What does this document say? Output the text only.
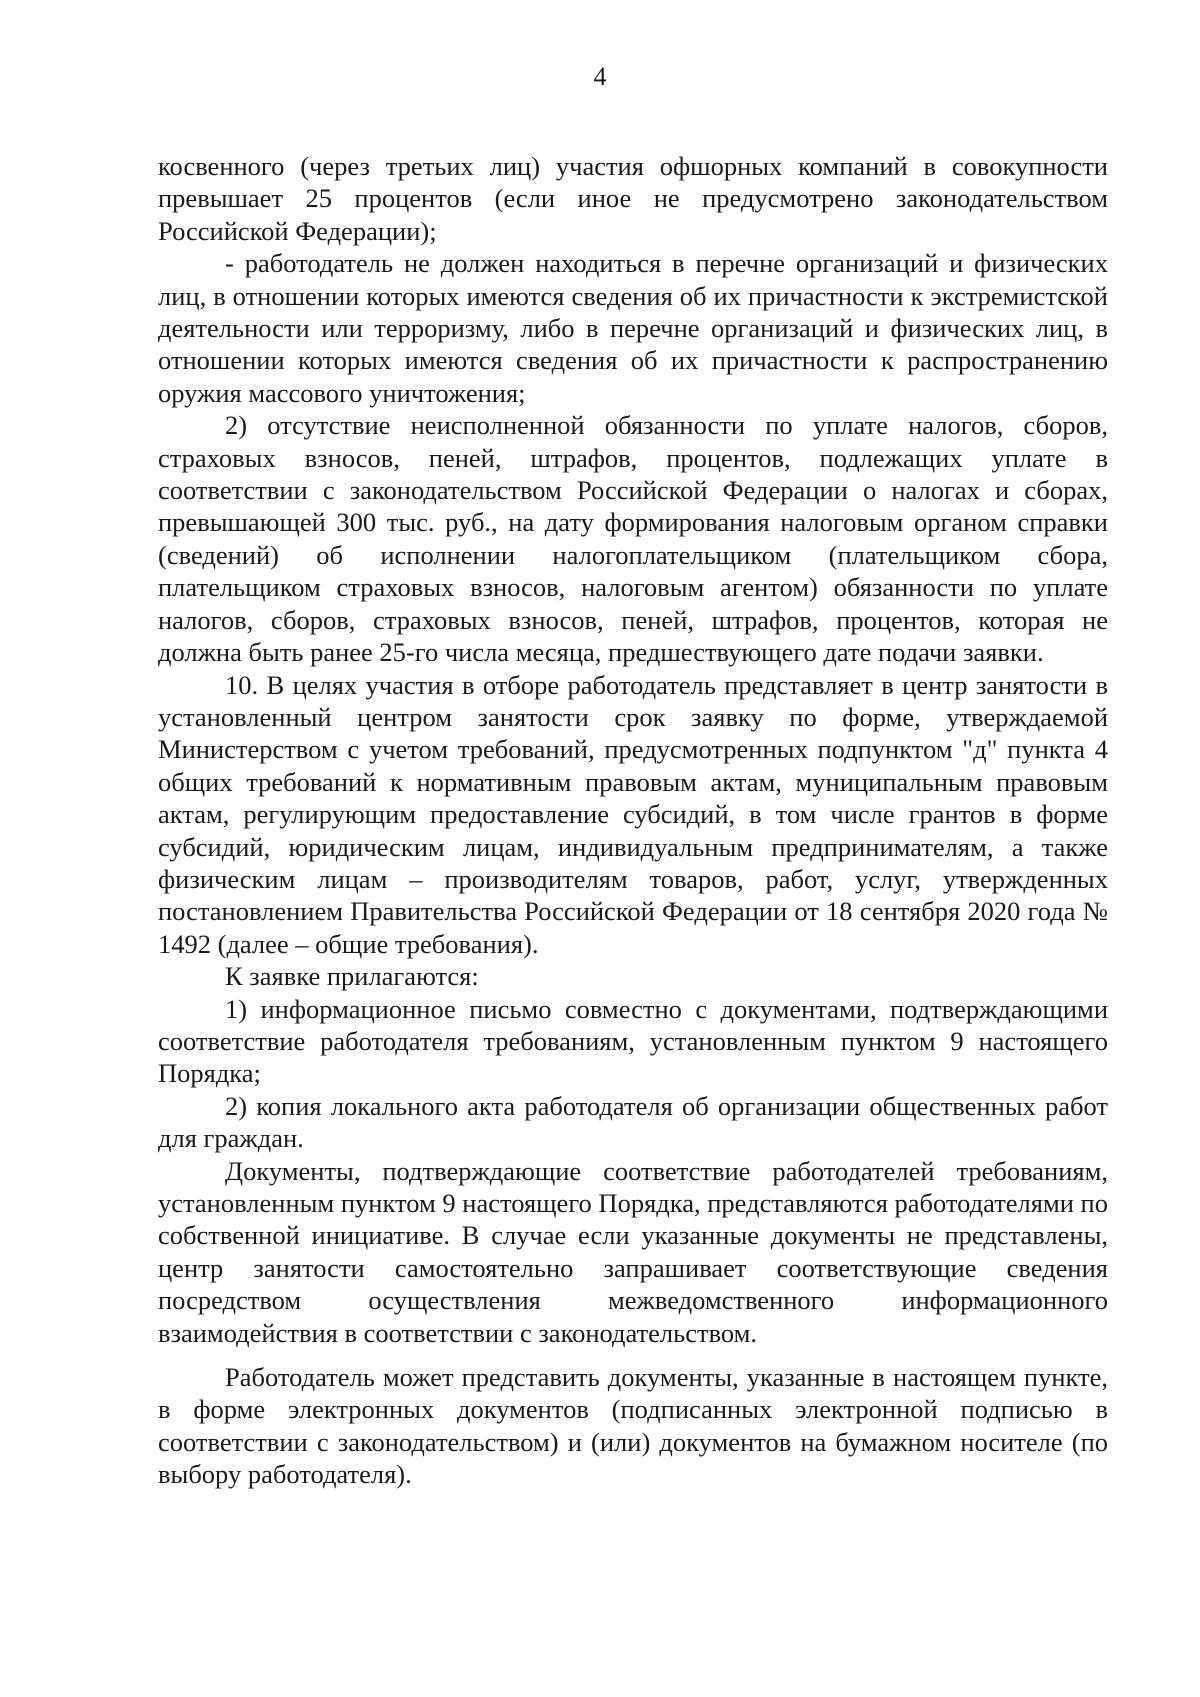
4

косвенного (через третьих лиц) участия офшорных компаний в совокупности превышает 25 процентов (если иное не предусмотрено законодательством Российской Федерации);

- работодатель не должен находиться в перечне организаций и физических лиц, в отношении которых имеются сведения об их причастности к экстремистской деятельности или терроризму, либо в перечне организаций и физических лиц, в отношении которых имеются сведения об их причастности к распространению оружия массового уничтожения;

2) отсутствие неисполненной обязанности по уплате налогов, сборов, страховых взносов, пеней, штрафов, процентов, подлежащих уплате в соответствии с законодательством Российской Федерации о налогах и сборах, превышающей 300 тыс. руб., на дату формирования налоговым органом справки (сведений) об исполнении налогоплательщиком (плательщиком сбора, плательщиком страховых взносов, налоговым агентом) обязанности по уплате налогов, сборов, страховых взносов, пеней, штрафов, процентов, которая не должна быть ранее 25-го числа месяца, предшествующего дате подачи заявки.

10. В целях участия в отборе работодатель представляет в центр занятости в установленный центром занятости срок заявку по форме, утверждаемой Министерством с учетом требований, предусмотренных подпунктом "д" пункта 4 общих требований к нормативным правовым актам, муниципальным правовым актам, регулирующим предоставление субсидий, в том числе грантов в форме субсидий, юридическим лицам, индивидуальным предпринимателям, а также физическим лицам – производителям товаров, работ, услуг, утвержденных постановлением Правительства Российской Федерации от 18 сентября 2020 года № 1492 (далее – общие требования).

К заявке прилагаются:

1) информационное письмо совместно с документами, подтверждающими соответствие работодателя требованиям, установленным пунктом 9 настоящего Порядка;

2) копия локального акта работодателя об организации общественных работ для граждан.

Документы, подтверждающие соответствие работодателей требованиям, установленным пунктом 9 настоящего Порядка, представляются работодателями по собственной инициативе. В случае если указанные документы не представлены, центр занятости самостоятельно запрашивает соответствующие сведения посредством осуществления межведомственного информационного взаимодействия в соответствии с законодательством.

Работодатель может представить документы, указанные в настоящем пункте, в форме электронных документов (подписанных электронной подписью в соответствии с законодательством) и (или) документов на бумажном носителе (по выбору работодателя).
